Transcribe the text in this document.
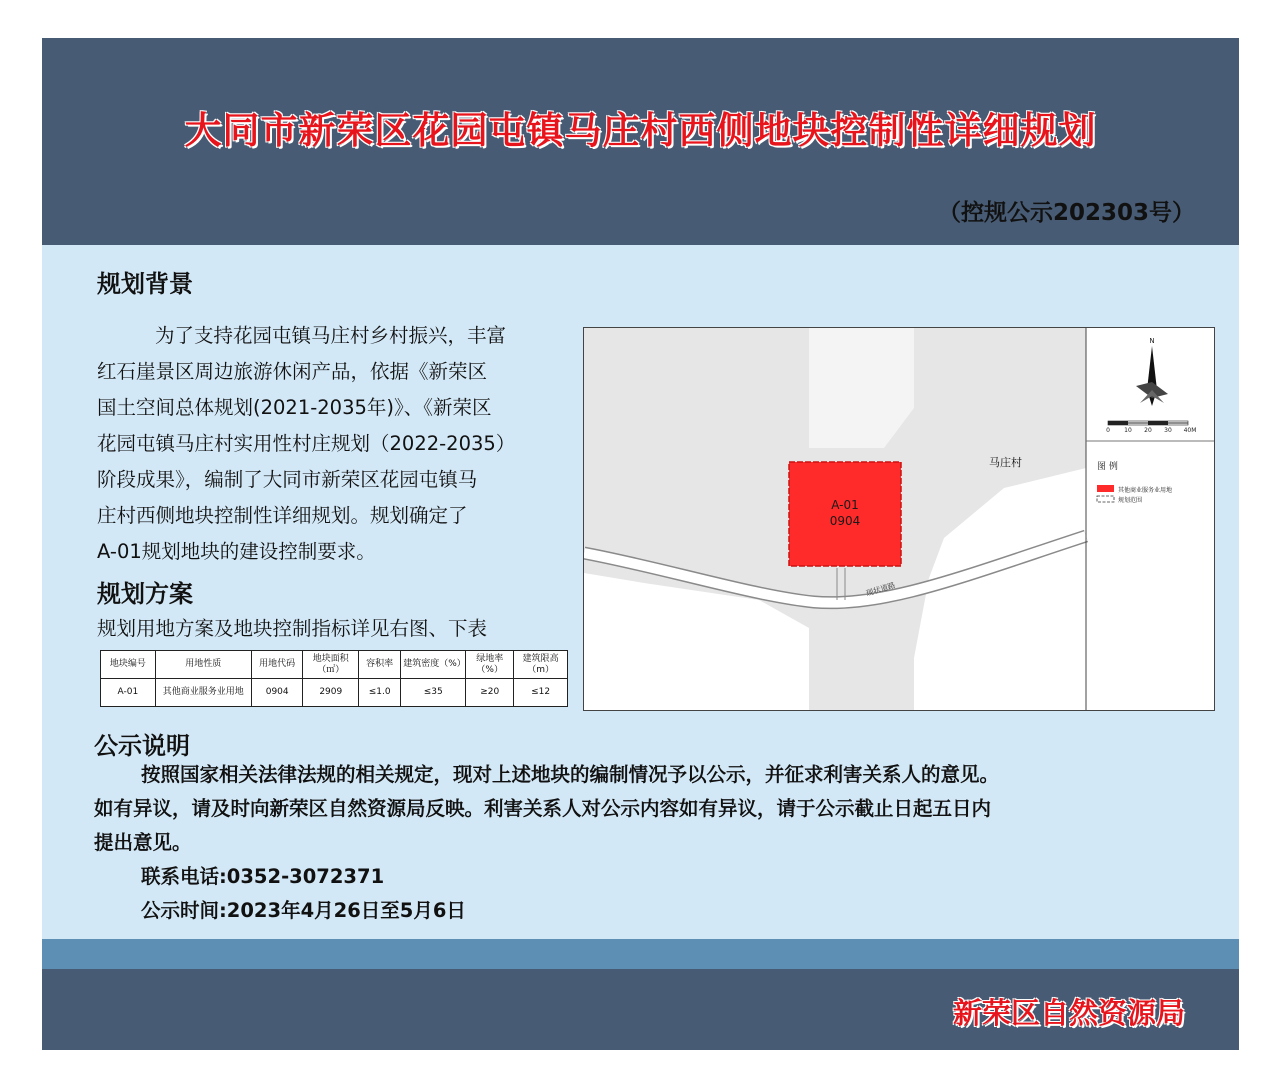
大同市新荣区花园屯镇马庄村西侧地块控制性详细规划
（控规公示202303号）
规划背景
为了支持花园屯镇马庄村乡村振兴，丰富
红石崖景区周边旅游休闲产品，依据《新荣区
国土空间总体规划(2021-2035年)》、《新荣区
花园屯镇马庄村实用性村庄规划（2022-2035）
阶段成果》，编制了大同市新荣区花园屯镇马
庄村西侧地块控制性详细规划。规划确定了
A-01规划地块的建设控制要求。
规划方案
规划用地方案及地块控制指标详见右图、下表
地块编号	用地性质	用地代码	地块面积（㎡）	容积率	建筑密度（%）	绿地率（%）	建筑限高（m）
A-01	其他商业服务业用地	0904	2909	≤1.0	≤35	≥20	≤12
现状道路
A-01
0904
马庄村
N
0 10 20 30 40M
图 例
其他商业服务业用地
规划范围
公示说明
按照国家相关法律法规的相关规定，现对上述地块的编制情况予以公示，并征求利害关系人的意见。
如有异议，请及时向新荣区自然资源局反映。利害关系人对公示内容如有异议，请于公示截止日起五日内
提出意见。
联系电话:0352-3072371
公示时间:2023年4月26日至5月6日
新荣区自然资源局
